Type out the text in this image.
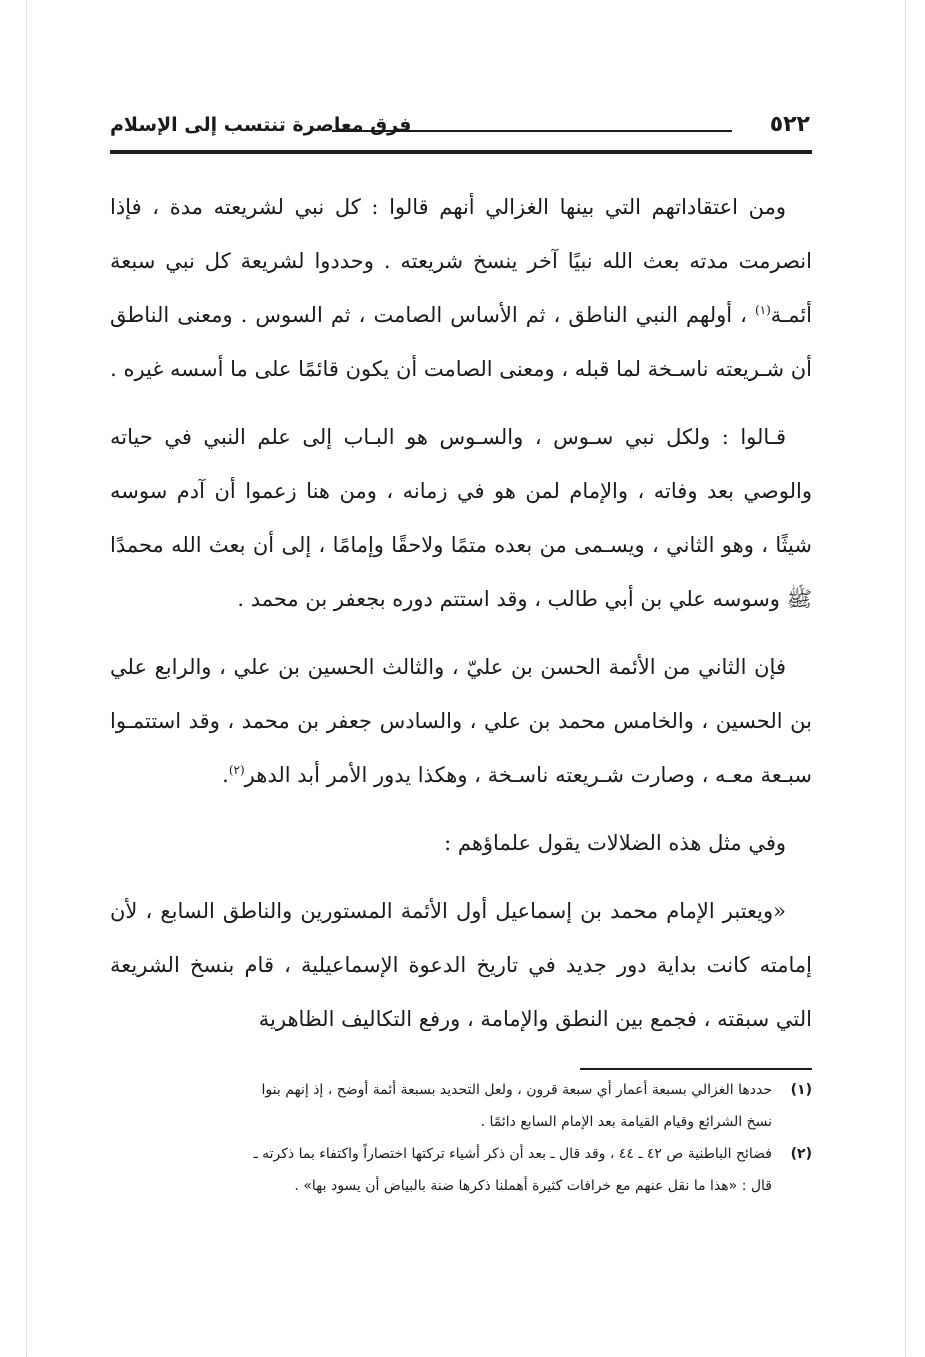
٥٢٢
فرق معاصرة تنتسب إلى الإسلام

ومن اعتقاداتهم التي بينها الغزالي أنهم قالوا : كل نبي لشريعته مدة ، فإذا انصرمت مدته بعث الله نبيًا آخر ينسخ شريعته . وحددوا لشريعة كل نبي سبعة أئمـة$^{(١)}$ ، أولهم النبي الناطق ، ثم الأساس الصامت ، ثم السوس . ومعنى الناطق أن شـريعته ناسـخة لما قبله ، ومعنى الصامت أن يكون قائمًا على ما أسسه غيره .

قـالوا : ولكل نبي سـوس ، والسـوس هو البـاب إلى علم النبي في حياته والوصي بعد وفاته ، والإمام لمن هو في زمانه ، ومن هنا زعموا أن آدم سوسه شيثًا ، وهو الثاني ، ويسـمى من بعده متمًا ولاحقًا وإمامًا ، إلى أن بعث الله محمدًا ﷺ وسوسه علي بن أبي طالب ، وقد استتم دوره بجعفر بن محمد .

فإن الثاني من الأئمة الحسن بن عليّ ، والثالث الحسين بن علي ، والرابع علي بن الحسين ، والخامس محمد بن علي ، والسادس جعفر بن محمد ، وقد استتمـوا سبـعة معـه ، وصارت شـريعته ناسـخة ، وهكذا يدور الأمر أبد الدهر$^{(٢)}$.

وفي مثل هذه الضلالات يقول علماؤهم :

«ويعتبر الإمام محمد بن إسماعيل أول الأئمة المستورين والناطق السابع ، لأن إمامته كانت بداية دور جديد في تاريخ الدعوة الإسماعيلية ، قام بنسخ الشريعة التي سبقته ، فجمع بين النطق والإمامة ، ورفع التكاليف الظاهرية

(١)
حددها الغزالي بسبعة أعمار أي سبعة قرون ، ولعل التحديد بسبعة أئمة أوضح ، إذ إنهم بنوا
نسخ الشرائع وقيام القيامة بعد الإمام السابع دائمًا .
(٢)
فضائح الباطنية ص ٤٢ ـ ٤٤ ، وقد قال ـ بعد أن ذكر أشياء تركتها اختصاراً واكتفاء بما ذكرته ـ
قال : «هذا ما نقل عنهم مع خرافات كثيرة أهملنا ذكرها ضنة بالبياض أن يسود بها» .
